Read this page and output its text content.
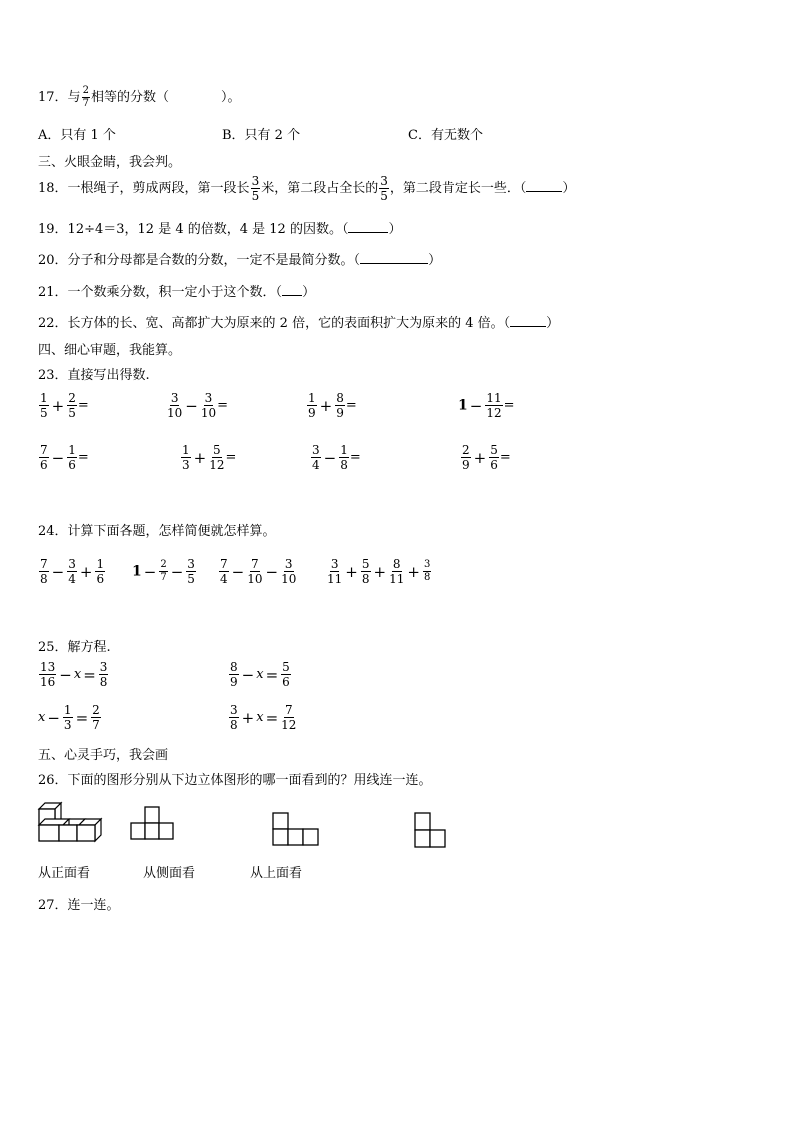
17．与 $\frac{2}{7}$ 相等的分数（	）。
A．只有 1 个	B．只有 2 个	C．有无数个
三、火眼金睛，我会判。
18．一根绳子，剪成两段，第一段长 $\frac{3}{5}$ 米，第二段占全长的 $\frac{3}{5}$ ，第二段肯定长一些．（	）
19．12÷4＝3，12 是 4 的倍数，4 是 12 的因数。（	）
20．分子和分母都是合数的分数，一定不是最简分数。（	）
21．一个数乘分数，积一定小于这个数．（ ）
22．长方体的长、宽、高都扩大为原来的 2 倍，它的表面积扩大为原来的 4 倍。（	）
四、细心审题，我能算。
23．直接写出得数.
$\frac{1}{5} + \frac{2}{5}$ =	$\frac{3}{10} - \frac{3}{10}$ =	$\frac{1}{9} + \frac{8}{9}$ =	$1 - \frac{11}{12}$ =
$\frac{7}{6} - \frac{1}{6}$ =	$\frac{1}{3} + \frac{5}{12}$ =	$\frac{3}{4} - \frac{1}{8}$ =	$\frac{2}{9} + \frac{5}{6}$ =
24．计算下面各题，怎样简便就怎样算。
$\frac{7}{8} - \frac{3}{4} + \frac{1}{6} 1 - \frac{2}{7} - \frac{3}{5} \frac{7}{4} - \frac{7}{10} - \frac{3}{10}$	$\frac{3}{11} + \frac{5}{8} + \frac{8}{11} + \frac{3}{8}$
25．解方程.
$\frac{13}{16} - x = \frac{3}{8}$	$\frac{8}{9} - x = \frac{5}{6}$
$x - \frac{1}{3} = \frac{2}{7}$	$\frac{3}{8} + x = \frac{7}{12}$
五、心灵手巧，我会画
26．下面的图形分别从下边立体图形的哪一面看到的？用线连一连。
从正面看	从侧面看	从上面看
27．连一连。
